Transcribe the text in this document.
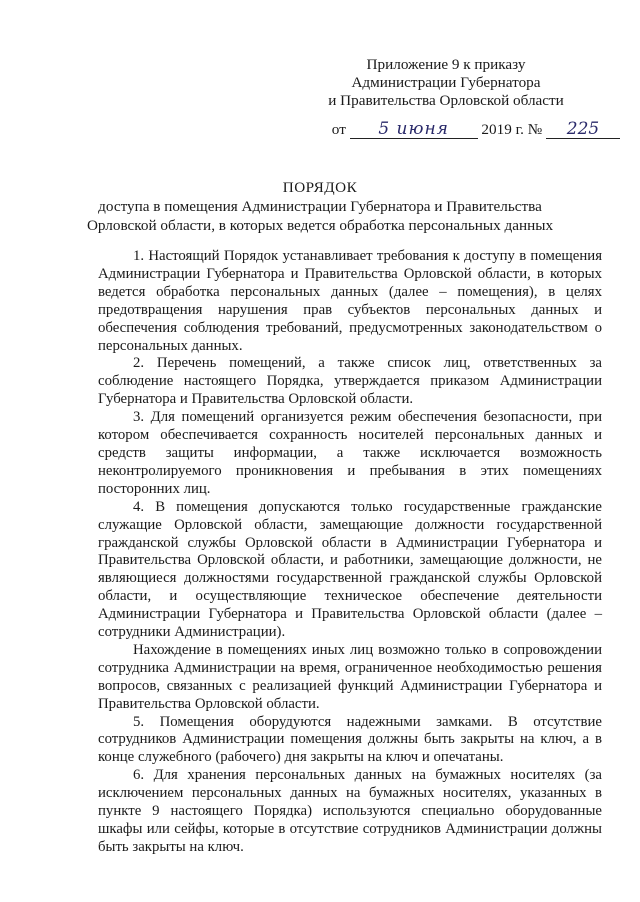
Приложение 9 к приказу
Администрации Губернатора
и Правительства Орловской области
от 5 июня 2019 г. № 225
ПОРЯДОК
доступа в помещения Администрации Губернатора и Правительства
Орловской области, в которых ведется обработка персональных данных

1. Настоящий Порядок устанавливает требования к доступу в помещения Администрации Губернатора и Правительства Орловской области, в которых ведется обработка персональных данных (далее – помещения), в целях предотвращения нарушения прав субъектов персональных данных и обеспечения соблюдения требований, предусмотренных законодательством о персональных данных.

2. Перечень помещений, а также список лиц, ответственных за соблюдение настоящего Порядка, утверждается приказом Администрации Губернатора и Правительства Орловской области.

3. Для помещений организуется режим обеспечения безопасности, при котором обеспечивается сохранность носителей персональных данных и средств защиты информации, а также исключается возможность неконтролируемого проникновения и пребывания в этих помещениях посторонних лиц.

4. В помещения допускаются только государственные гражданские служащие Орловской области, замещающие должности государственной гражданской службы Орловской области в Администрации Губернатора и Правительства Орловской области, и работники, замещающие должности, не являющиеся должностями государственной гражданской службы Орловской области, и осуществляющие техническое обеспечение деятельности Администрации Губернатора и Правительства Орловской области (далее – сотрудники Администрации).

Нахождение в помещениях иных лиц возможно только в сопровождении сотрудника Администрации на время, ограниченное необходимостью решения вопросов, связанных с реализацией функций Администрации Губернатора и Правительства Орловской области.

5. Помещения оборудуются надежными замками. В отсутствие сотрудников Администрации помещения должны быть закрыты на ключ, а в конце служебного (рабочего) дня закрыты на ключ и опечатаны.

6. Для хранения персональных данных на бумажных носителях (за исключением персональных данных на бумажных носителях, указанных в пункте 9 настоящего Порядка) используются специально оборудованные шкафы или сейфы, которые в отсутствие сотрудников Администрации должны быть закрыты на ключ.
